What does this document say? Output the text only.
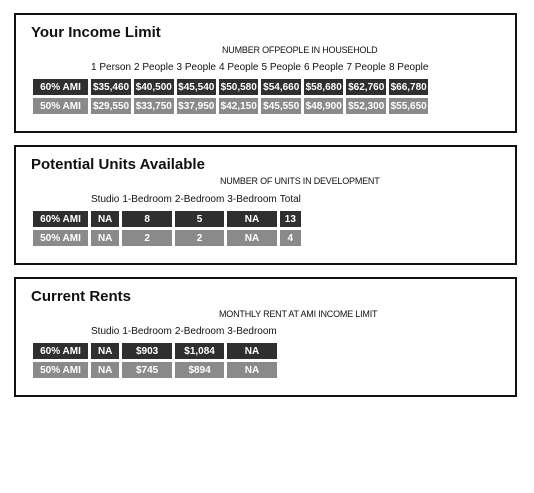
Your Income Limit
NUMBER OFPEOPLE IN HOUSEHOLD
	1 Person	2 People	3 People	4 People	5 People	6 People	7 People	8 People
60% AMI	$35,460	$40,500	$45,540	$50,580	$54,660	$58,680	$62,760	$66,780
50% AMI	$29,550	$33,750	$37,950	$42,150	$45,550	$48,900	$52,300	$55,650
Potential Units Available
NUMBER OF UNITS IN DEVELOPMENT
	Studio	1-Bedroom	2-Bedroom	3-Bedroom	Total
60% AMI	NA	8	5	NA	13
50% AMI	NA	2	2	NA	4
Current Rents
MONTHLY RENT AT AMI INCOME LIMIT
	Studio	1-Bedroom	2-Bedroom	3-Bedroom
60% AMI	NA	$903	$1,084	NA
50% AMI	NA	$745	$894	NA
